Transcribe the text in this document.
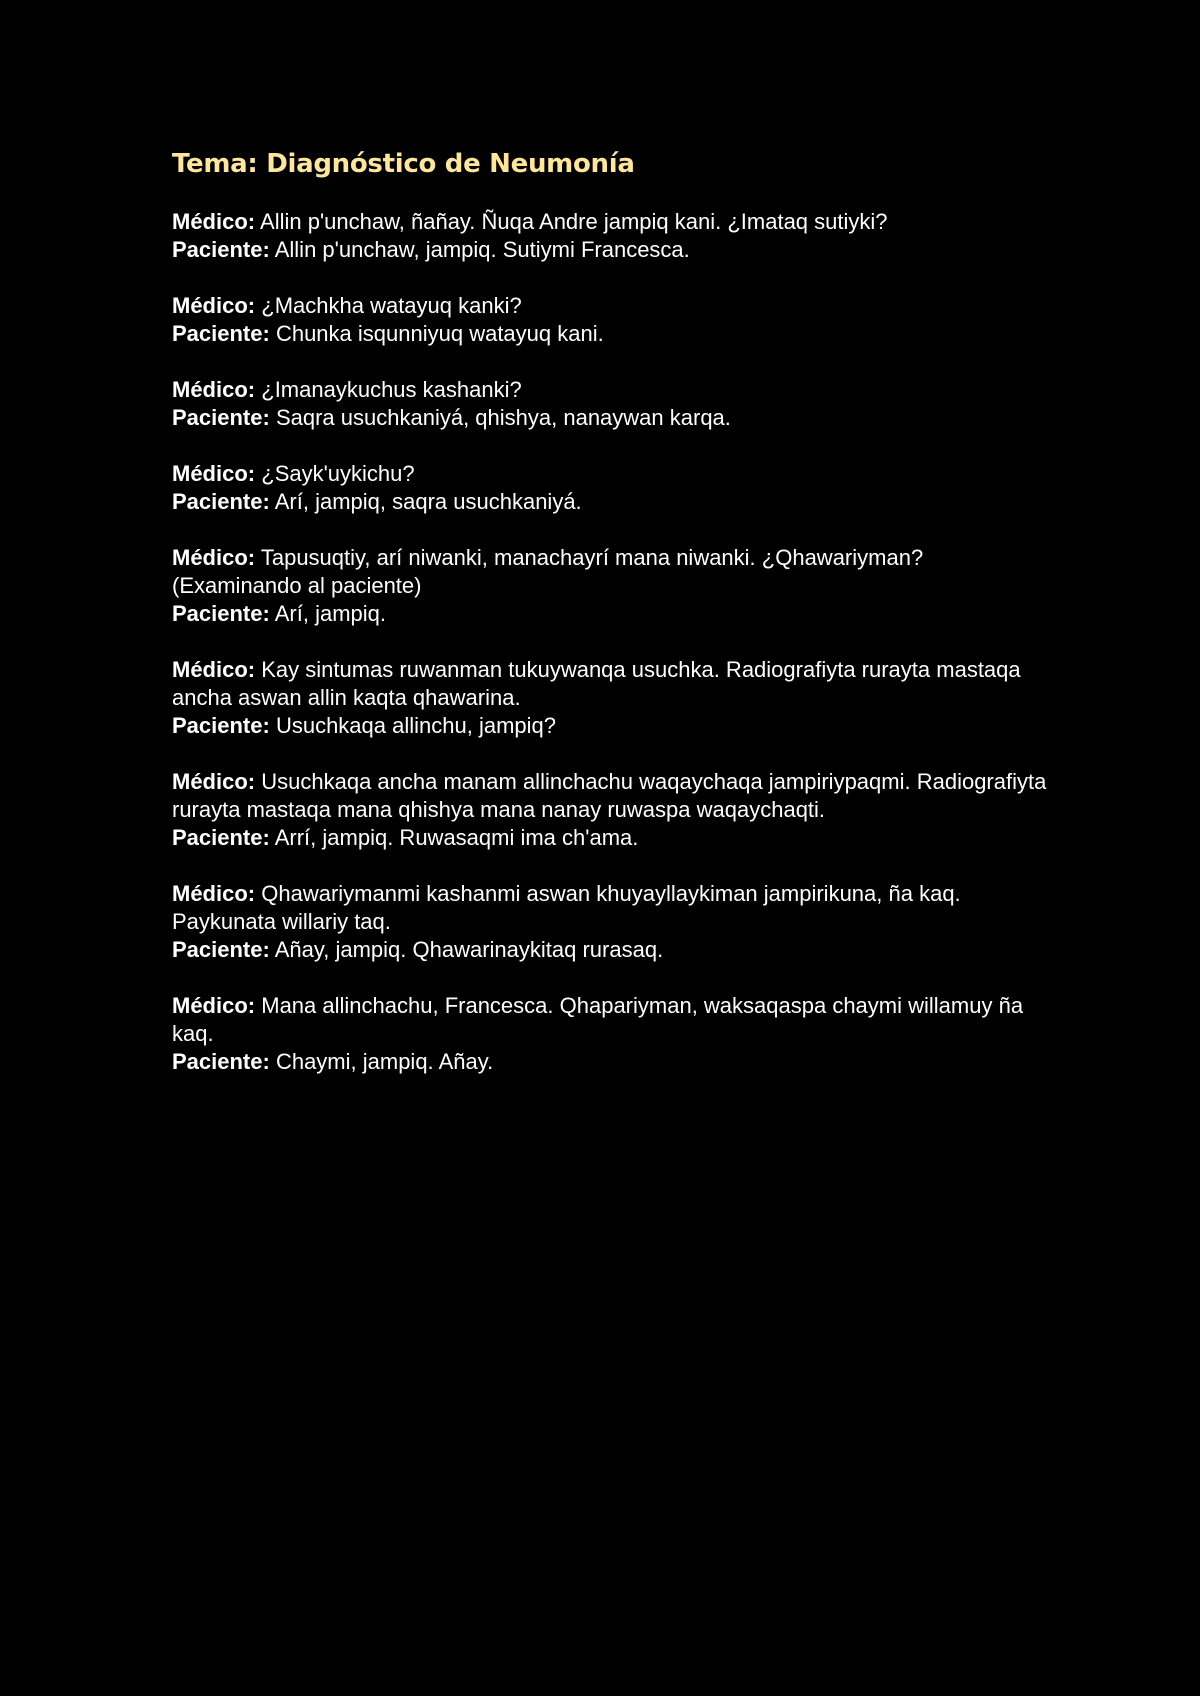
Tema: Diagnóstico de Neumonía

Médico: Allin p'unchaw, ñañay. Ñuqa Andre jampiq kani. ¿Imataq sutiyki?

Paciente: Allin p'unchaw, jampiq. Sutiymi Francesca.

Médico: ¿Machkha watayuq kanki?

Paciente: Chunka isqunniyuq watayuq kani.

Médico: ¿Imanaykuchus kashanki?

Paciente: Saqra usuchkaniyá, qhishya, nanaywan karqa.

Médico: ¿Sayk'uykichu?

Paciente: Arí, jampiq, saqra usuchkaniyá.

Médico: Tapusuqtiy, arí niwanki, manachayrí mana niwanki. ¿Qhawariyman?
(Examinando al paciente)

Paciente: Arí, jampiq.

Médico: Kay sintumas ruwanman tukuywanqa usuchka. Radiografiyta rurayta mastaqa ancha aswan allin kaqta qhawarina.

Paciente: Usuchkaqa allinchu, jampiq?

Médico: Usuchkaqa ancha manam allinchachu waqaychaqa jampiriypaqmi. Radiografiyta rurayta mastaqa mana qhishya mana nanay ruwaspa waqaychaqti.

Paciente: Arrí, jampiq. Ruwasaqmi ima ch'ama.

Médico: Qhawariymanmi kashanmi aswan khuyayllaykiman jampirikuna, ña kaq. Paykunata willariy taq.

Paciente: Añay, jampiq. Qhawarinaykitaq rurasaq.

Médico: Mana allinchachu, Francesca. Qhapariyman, waksaqaspa chaymi willamuy ña kaq.

Paciente: Chaymi, jampiq. Añay.
